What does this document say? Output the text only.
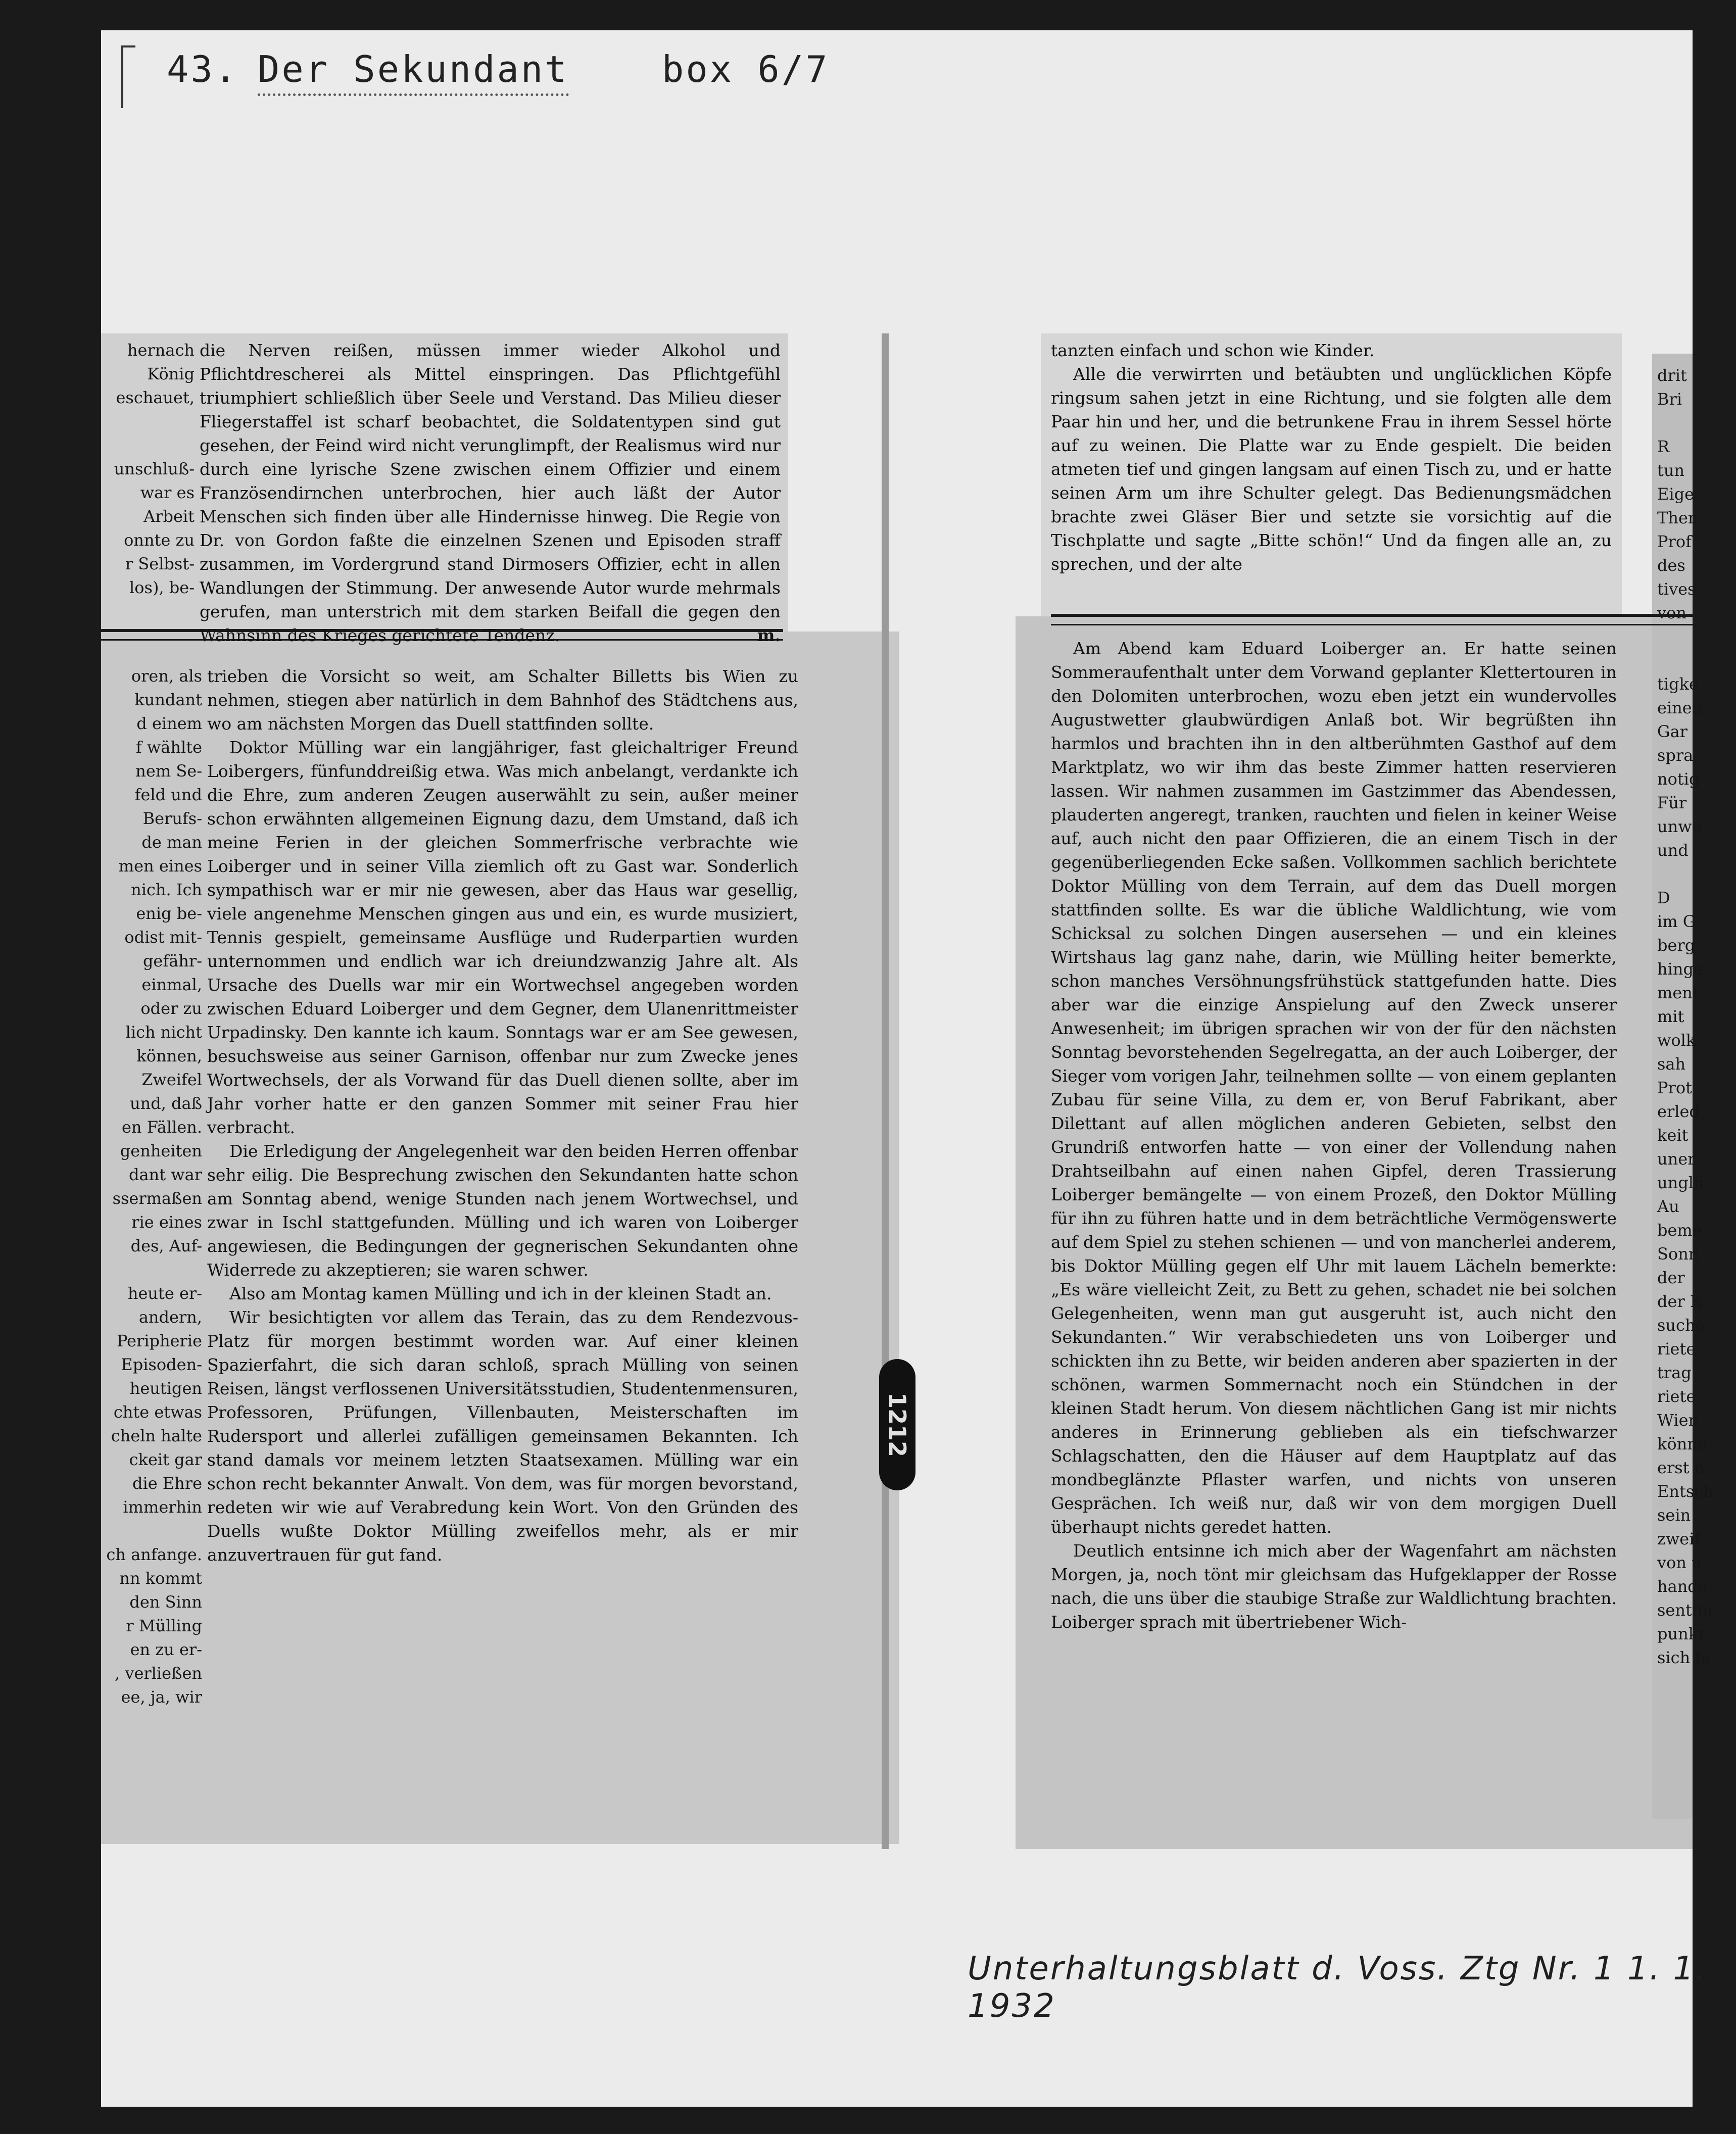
43. Der Sekundant	box 6/7
hernach
König
eschauet,

unschluß-
war es
Arbeit
onnte zu
r Selbst-
los), be-
oren, als
kundant
d einem
f wählte
nem Se-
feld und
Berufs-
de man
men eines
nich. Ich
enig be-
odist mit-
gefähr-
einmal,
oder zu
lich nicht
können,
Zweifel
und, daß
en Fällen.
genheiten
dant war
ssermaßen
rie eines
des, Auf-

heute er-
andern,
Peripherie
Episoden-
heutigen
chte etwas
cheln halte
ckeit gar
die Ehre
immerhin

ch anfange.
nn kommt
den Sinn
r Mülling
en zu er-
, verließen
ee, ja, wir
drit
Bri

R
tun
Eige
Then
Prof
des
tives
von

tigke
einen
Gar
spra
notig
Für
unwe
und

D
im G
berg
hinge
ment
mit
wolk
sah
Prot
erled
keit
uner
unglü
Au
beme
Sonn
der
der K
suche
riete
trag
riete
Wien
könne
erst n
Entsch
sein
zweif
von u
hande
sentim
punkt.
sich fa

die Nerven reißen, müssen immer wieder Alkohol und Pflichtdrescherei als Mittel einspringen. Das Pflichtgefühl triumphiert schließlich über Seele und Verstand. Das Milieu dieser Fliegerstaffel ist scharf beobachtet, die Soldatentypen sind gut gesehen, der Feind wird nicht verunglimpft, der Realismus wird nur durch eine lyrische Szene zwischen einem Offizier und einem Französendirnchen unterbrochen, hier auch läßt der Autor Menschen sich finden über alle Hindernisse hinweg. Die Regie von Dr. von Gordon faßte die einzelnen Szenen und Episoden straff zusammen, im Vordergrund stand Dirmosers Offizier, echt in allen Wandlungen der Stimmung. Der anwesende Autor wurde mehrmals gerufen, man unterstrich mit dem starken Beifall die gegen den Wahnsinn des Krieges gerichtete Tendenz.	m.

trieben die Vorsicht so weit, am Schalter Billetts bis Wien zu nehmen, stiegen aber natürlich in dem Bahnhof des Städtchens aus, wo am nächsten Morgen das Duell stattfinden sollte.

Doktor Mülling war ein langjähriger, fast gleichaltriger Freund Loibergers, fünfunddreißig etwa. Was mich anbelangt, verdankte ich die Ehre, zum anderen Zeugen auserwählt zu sein, außer meiner schon erwähnten allgemeinen Eignung dazu, dem Umstand, daß ich meine Ferien in der gleichen Sommerfrische verbrachte wie Loiberger und in seiner Villa ziemlich oft zu Gast war. Sonderlich sympathisch war er mir nie gewesen, aber das Haus war gesellig, viele angenehme Menschen gingen aus und ein, es wurde musiziert, Tennis gespielt, gemeinsame Ausflüge und Ruderpartien wurden unternommen und endlich war ich dreiundzwanzig Jahre alt. Als Ursache des Duells war mir ein Wortwechsel angegeben worden zwischen Eduard Loiberger und dem Gegner, dem Ulanenrittmeister Urpadinsky. Den kannte ich kaum. Sonntags war er am See gewesen, besuchsweise aus seiner Garnison, offenbar nur zum Zwecke jenes Wortwechsels, der als Vorwand für das Duell dienen sollte, aber im Jahr vorher hatte er den ganzen Sommer mit seiner Frau hier verbracht.

Die Erledigung der Angelegenheit war den beiden Herren offenbar sehr eilig. Die Besprechung zwischen den Sekundanten hatte schon am Sonntag abend, wenige Stunden nach jenem Wortwechsel, und zwar in Ischl stattgefunden. Mülling und ich waren von Loiberger angewiesen, die Bedingungen der gegnerischen Sekundanten ohne Widerrede zu akzeptieren; sie waren schwer.

Also am Montag kamen Mülling und ich in der kleinen Stadt an.

Wir besichtigten vor allem das Terain, das zu dem Rendezvous-Platz für morgen bestimmt worden war. Auf einer kleinen Spazierfahrt, die sich daran schloß, sprach Mülling von seinen Reisen, längst verflossenen Universitätsstudien, Studentenmensuren, Professoren, Prüfungen, Villenbauten, Meisterschaften im Rudersport und allerlei zufälligen gemeinsamen Bekannten. Ich stand damals vor meinem letzten Staatsexamen. Mülling war ein schon recht bekannter Anwalt. Von dem, was für morgen bevorstand, redeten wir wie auf Verabredung kein Wort. Von den Gründen des Duells wußte Doktor Mülling zweifellos mehr, als er mir anzuvertrauen für gut fand.

tanzten einfach und schon wie Kinder.

Alle die verwirrten und betäubten und unglücklichen Köpfe ringsum sahen jetzt in eine Richtung, und sie folgten alle dem Paar hin und her, und die betrunkene Frau in ihrem Sessel hörte auf zu weinen. Die Platte war zu Ende gespielt. Die beiden atmeten tief und gingen langsam auf einen Tisch zu, und er hatte seinen Arm um ihre Schulter gelegt. Das Bedienungsmädchen brachte zwei Gläser Bier und setzte sie vorsichtig auf die Tischplatte und sagte „Bitte schön!“ Und da fingen alle an, zu sprechen, und der alte

Am Abend kam Eduard Loiberger an. Er hatte seinen Sommeraufenthalt unter dem Vorwand geplanter Klettertouren in den Dolomiten unterbrochen, wozu eben jetzt ein wundervolles Augustwetter glaubwürdigen Anlaß bot. Wir begrüßten ihn harmlos und brachten ihn in den altberühmten Gasthof auf dem Marktplatz, wo wir ihm das beste Zimmer hatten reservieren lassen. Wir nahmen zusammen im Gastzimmer das Abendessen, plauderten angeregt, tranken, rauchten und fielen in keiner Weise auf, auch nicht den paar Offizieren, die an einem Tisch in der gegenüberliegenden Ecke saßen. Vollkommen sachlich berichtete Doktor Mülling von dem Terrain, auf dem das Duell morgen stattfinden sollte. Es war die übliche Waldlichtung, wie vom Schicksal zu solchen Dingen ausersehen — und ein kleines Wirtshaus lag ganz nahe, darin, wie Mülling heiter bemerkte, schon manches Versöhnungsfrühstück stattgefunden hatte. Dies aber war die einzige Anspielung auf den Zweck unserer Anwesenheit; im übrigen sprachen wir von der für den nächsten Sonntag bevorstehenden Segelregatta, an der auch Loiberger, der Sieger vom vorigen Jahr, teilnehmen sollte — von einem geplanten Zubau für seine Villa, zu dem er, von Beruf Fabrikant, aber Dilettant auf allen möglichen anderen Gebieten, selbst den Grundriß entworfen hatte — von einer der Vollendung nahen Drahtseilbahn auf einen nahen Gipfel, deren Trassierung Loiberger bemängelte — von einem Prozeß, den Doktor Mülling für ihn zu führen hatte und in dem beträchtliche Vermögenswerte auf dem Spiel zu stehen schienen — und von mancherlei anderem, bis Doktor Mülling gegen elf Uhr mit lauem Lächeln bemerkte: „Es wäre vielleicht Zeit, zu Bett zu gehen, schadet nie bei solchen Gelegenheiten, wenn man gut ausgeruht ist, auch nicht den Sekundanten.“ Wir verabschiedeten uns von Loiberger und schickten ihn zu Bette, wir beiden anderen aber spazierten in der schönen, warmen Sommernacht noch ein Stündchen in der kleinen Stadt herum. Von diesem nächtlichen Gang ist mir nichts anderes in Erinnerung geblieben als ein tiefschwarzer Schlagschatten, den die Häuser auf dem Hauptplatz auf das mondbeglänzte Pflaster warfen, und nichts von unseren Gesprächen. Ich weiß nur, daß wir von dem morgigen Duell überhaupt nichts geredet hatten.

Deutlich entsinne ich mich aber der Wagenfahrt am nächsten Morgen, ja, noch tönt mir gleichsam das Hufgeklapper der Rosse nach, die uns über die staubige Straße zur Waldlichtung brachten. Loiberger sprach mit übertriebener Wich-

1212
Unterhaltungsblatt d. Voss. Ztg Nr. 1 1. 1. 1932
